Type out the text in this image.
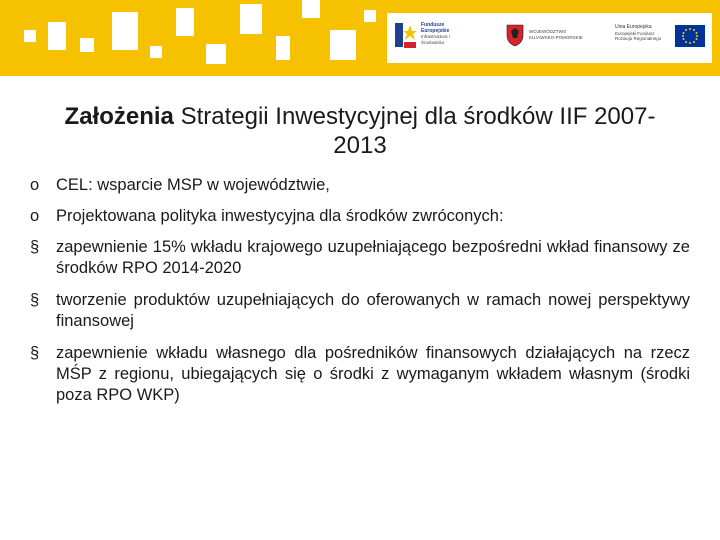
Fundusze
Europejskie
Infrastruktura i Środowisko
WOJEWÓDZTWO
KUJAWSKO-POMORSKIE
Unia Europejska
Europejski Fundusz
Rozwoju Regionalnego
Założenia Strategii Inwestycyjnej dla środków IIF 2007-2013
o CEL: wsparcie MSP w województwie,
o Projektowana polityka inwestycyjna dla środków zwróconych:
§ zapewnienie 15% wkładu krajowego uzupełniającego bezpośredni wkład finansowy ze środków RPO 2014-2020
§ tworzenie produktów uzupełniających do oferowanych w ramach nowej perspektywy finansowej
§ zapewnienie wkładu własnego dla pośredników finansowych działających na rzecz MŚP z regionu, ubiegających się o środki z wymaganym wkładem własnym (środki poza RPO WKP)
